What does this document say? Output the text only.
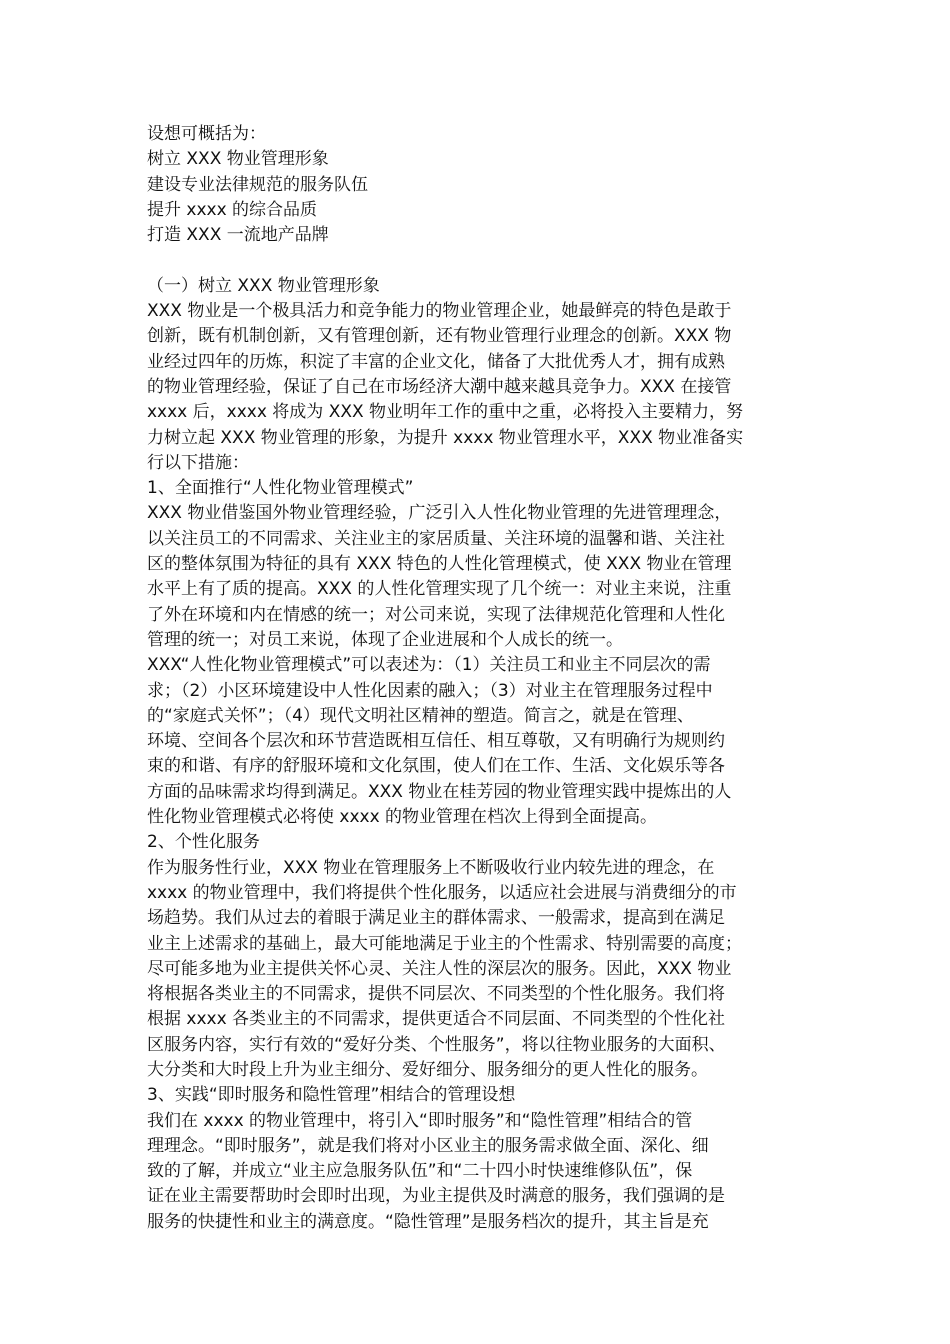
设想可概括为：

树立 XXX 物业管理形象

建设专业法律规范的服务队伍

提升 xxxx 的综合品质

打造 XXX 一流地产品牌

（一）树立 XXX 物业管理形象

XXX 物业是一个极具活力和竞争能力的物业管理企业，她最鲜亮的特色是敢于

创新，既有机制创新，又有管理创新，还有物业管理行业理念的创新。XXX 物

业经过四年的历炼，积淀了丰富的企业文化，储备了大批优秀人才，拥有成熟

的物业管理经验，保证了自己在市场经济大潮中越来越具竞争力。XXX 在接管

xxxx 后，xxxx 将成为 XXX 物业明年工作的重中之重，必将投入主要精力，努

力树立起 XXX 物业管理的形象，为提升 xxxx 物业管理水平，XXX 物业准备实

行以下措施：

1、全面推行“人性化物业管理模式”

XXX 物业借鉴国外物业管理经验，广泛引入人性化物业管理的先进管理理念，

以关注员工的不同需求、关注业主的家居质量、关注环境的温馨和谐、关注社

区的整体氛围为特征的具有 XXX 特色的人性化管理模式，使 XXX 物业在管理

水平上有了质的提高。XXX 的人性化管理实现了几个统一：对业主来说，注重

了外在环境和内在情感的统一；对公司来说，实现了法律规范化管理和人性化

管理的统一；对员工来说，体现了企业进展和个人成长的统一。

XXX“人性化物业管理模式”可以表述为：（1）关注员工和业主不同层次的需

求；（2）小区环境建设中人性化因素的融入；（3）对业主在管理服务过程中

的“家庭式关怀”；（4）现代文明社区精神的塑造。简言之，就是在管理、

环境、空间各个层次和环节营造既相互信任、相互尊敬，又有明确行为规则约

束的和谐、有序的舒服环境和文化氛围，使人们在工作、生活、文化娱乐等各

方面的品味需求均得到满足。XXX 物业在桂芳园的物业管理实践中提炼出的人

性化物业管理模式必将使 xxxx 的物业管理在档次上得到全面提高。

2、个性化服务

作为服务性行业，XXX 物业在管理服务上不断吸收行业内较先进的理念，在

xxxx 的物业管理中，我们将提供个性化服务，以适应社会进展与消费细分的市

场趋势。我们从过去的着眼于满足业主的群体需求、一般需求，提高到在满足

业主上述需求的基础上，最大可能地满足于业主的个性需求、特别需要的高度；

尽可能多地为业主提供关怀心灵、关注人性的深层次的服务。因此，XXX 物业

将根据各类业主的不同需求，提供不同层次、不同类型的个性化服务。我们将

根据 xxxx 各类业主的不同需求，提供更适合不同层面、不同类型的个性化社

区服务内容，实行有效的“爱好分类、个性服务”，将以往物业服务的大面积、

大分类和大时段上升为业主细分、爱好细分、服务细分的更人性化的服务。

3、实践“即时服务和隐性管理”相结合的管理设想

我们在 xxxx 的物业管理中，将引入“即时服务”和“隐性管理”相结合的管

理理念。“即时服务”，就是我们将对小区业主的服务需求做全面、深化、细

致的了解，并成立“业主应急服务队伍”和“二十四小时快速维修队伍”，保

证在业主需要帮助时会即时出现，为业主提供及时满意的服务，我们强调的是

服务的快捷性和业主的满意度。“隐性管理”是服务档次的提升，其主旨是充
